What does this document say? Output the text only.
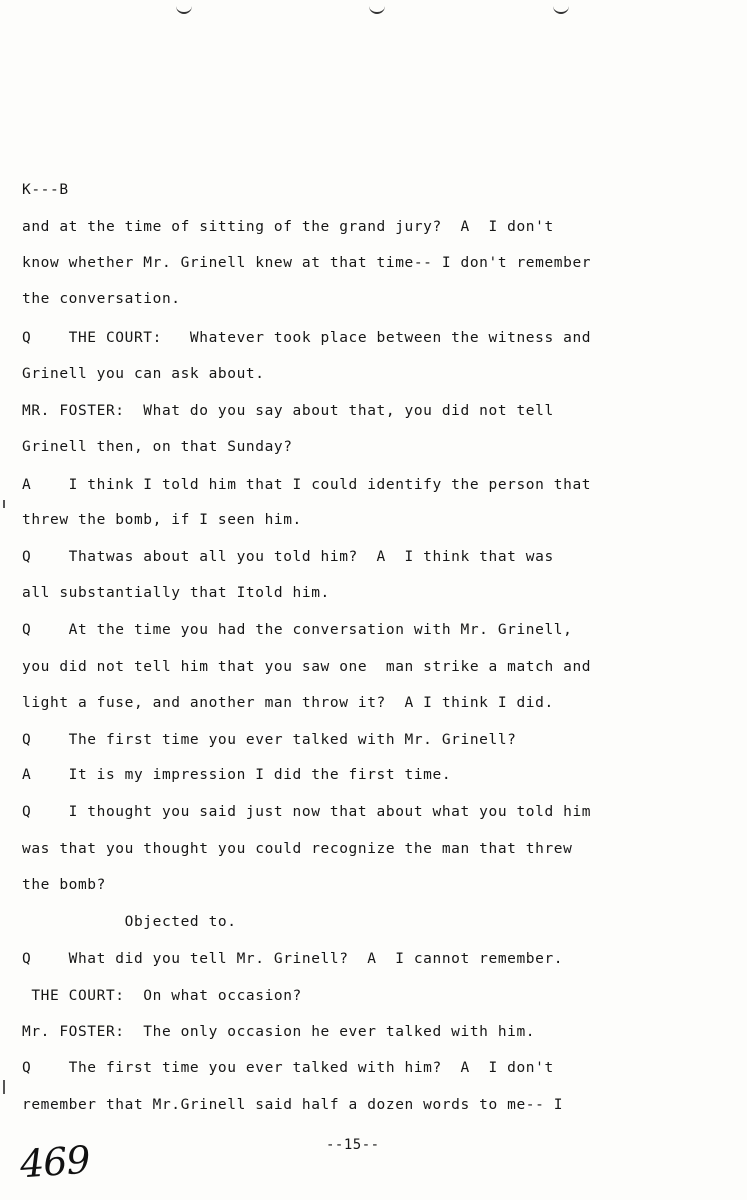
K---B
and at the time of sitting of the grand jury?  A  I don't
know whether Mr. Grinell knew at that time-- I don't remember
the conversation.
Q    THE COURT:   Whatever took place between the witness and
Grinell you can ask about.
MR. FOSTER:  What do you say about that, you did not tell
Grinell then, on that Sunday?
A    I think I told him that I could identify the person that
threw the bomb, if I seen him.
Q    Thatwas about all you told him?  A  I think that was
all substantially that Itold him.
Q    At the time you had the conversation with Mr. Grinell,
you did not tell him that you saw one  man strike a match and
light a fuse, and another man throw it?  A I think I did.
Q    The first time you ever talked with Mr. Grinell?
A    It is my impression I did the first time.
Q    I thought you said just now that about what you told him
was that you thought you could recognize the man that threw
the bomb?
Objected to.
Q    What did you tell Mr. Grinell?  A  I cannot remember.
THE COURT:  On what occasion?
Mr. FOSTER:  The only occasion he ever talked with him.
Q    The first time you ever talked with him?  A  I don't
remember that Mr.Grinell said half a dozen words to me-- I
469	--15--
